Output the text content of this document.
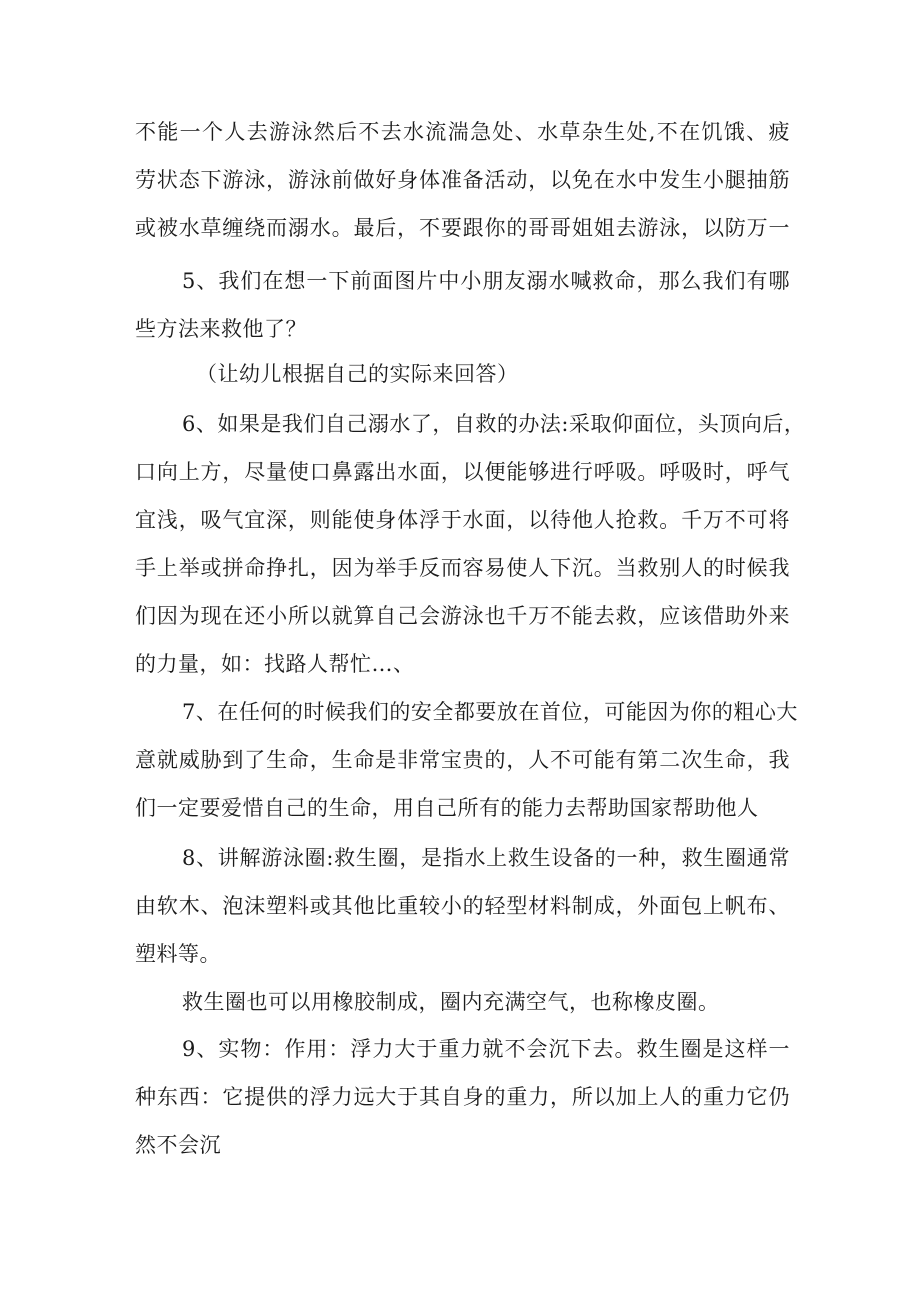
不能一个人去游泳然后不去水流湍急处、水草杂生处,不在饥饿、疲
劳状态下游泳，游泳前做好身体准备活动，以免在水中发生小腿抽筋
或被水草缠绕而溺水。最后，不要跟你的哥哥姐姐去游泳，以防万一
5、我们在想一下前面图片中小朋友溺水喊救命，那么我们有哪
些方法来救他了？
（让幼儿根据自己的实际来回答）
6、如果是我们自己溺水了，自救的办法:采取仰面位，头顶向后，
口向上方，尽量使口鼻露出水面，以便能够进行呼吸。呼吸时，呼气
宜浅，吸气宜深，则能使身体浮于水面，以待他人抢救。千万不可将
手上举或拼命挣扎，因为举手反而容易使人下沉。当救别人的时候我
们因为现在还小所以就算自己会游泳也千万不能去救，应该借助外来
的力量，如：找路人帮忙…、
7、在任何的时候我们的安全都要放在首位，可能因为你的粗心大
意就威胁到了生命，生命是非常宝贵的，人不可能有第二次生命，我
们一定要爱惜自己的生命，用自己所有的能力去帮助国家帮助他人
8、讲解游泳圈:救生圈，是指水上救生设备的一种，救生圈通常
由软木、泡沫塑料或其他比重较小的轻型材料制成，外面包上帆布、
塑料等。
救生圈也可以用橡胶制成，圈内充满空气，也称橡皮圈。
9、实物：作用：浮力大于重力就不会沉下去。救生圈是这样一
种东西：它提供的浮力远大于其自身的重力，所以加上人的重力它仍
然不会沉
